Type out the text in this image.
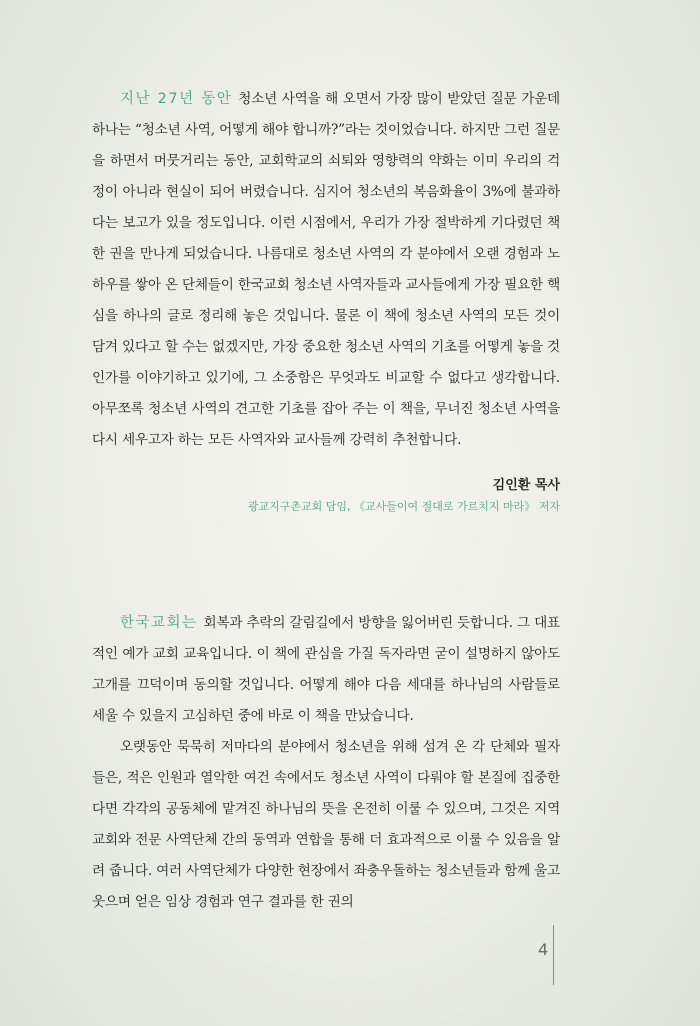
지난 27년 동안 청소년 사역을 해 오면서 가장 많이 받았던 질문 가운데 하나는 “청소년 사역, 어떻게 해야 합니까?”라는 것이었습니다. 하지만 그런 질문을 하면서 머뭇거리는 동안, 교회학교의 쇠퇴와 영향력의 약화는 이미 우리의 걱정이 아니라 현실이 되어 버렸습니다. 심지어 청소년의 복음화율이 3%에 불과하다는 보고가 있을 정도입니다. 이런 시점에서, 우리가 가장 절박하게 기다렸던 책 한 권을 만나게 되었습니다. 나름대로 청소년 사역의 각 분야에서 오랜 경험과 노하우를 쌓아 온 단체들이 한국교회 청소년 사역자들과 교사들에게 가장 필요한 핵심을 하나의 글로 정리해 놓은 것입니다. 물론 이 책에 청소년 사역의 모든 것이 담겨 있다고 할 수는 없겠지만, 가장 중요한 청소년 사역의 기초를 어떻게 놓을 것인가를 이야기하고 있기에, 그 소중함은 무엇과도 비교할 수 없다고 생각합니다. 아무쪼록 청소년 사역의 견고한 기초를 잡아 주는 이 책을, 무너진 청소년 사역을 다시 세우고자 하는 모든 사역자와 교사들께 강력히 추천합니다.

김인환 목사
광교지구촌교회 담임, 《교사들이여 절대로 가르치지 마라》 저자

한국교회는 회복과 추락의 갈림길에서 방향을 잃어버린 듯합니다. 그 대표적인 예가 교회 교육입니다. 이 책에 관심을 가질 독자라면 굳이 설명하지 않아도 고개를 끄덕이며 동의할 것입니다. 어떻게 해야 다음 세대를 하나님의 사람들로 세울 수 있을지 고심하던 중에 바로 이 책을 만났습니다.

오랫동안 묵묵히 저마다의 분야에서 청소년을 위해 섬겨 온 각 단체와 필자들은, 적은 인원과 열악한 여건 속에서도 청소년 사역이 다뤄야 할 본질에 집중한다면 각각의 공동체에 맡겨진 하나님의 뜻을 온전히 이룰 수 있으며, 그것은 지역교회와 전문 사역단체 간의 동역과 연합을 통해 더 효과적으로 이룰 수 있음을 알려 줍니다. 여러 사역단체가 다양한 현장에서 좌충우돌하는 청소년들과 함께 울고 웃으며 얻은 임상 경험과 연구 결과를 한 권의

4
